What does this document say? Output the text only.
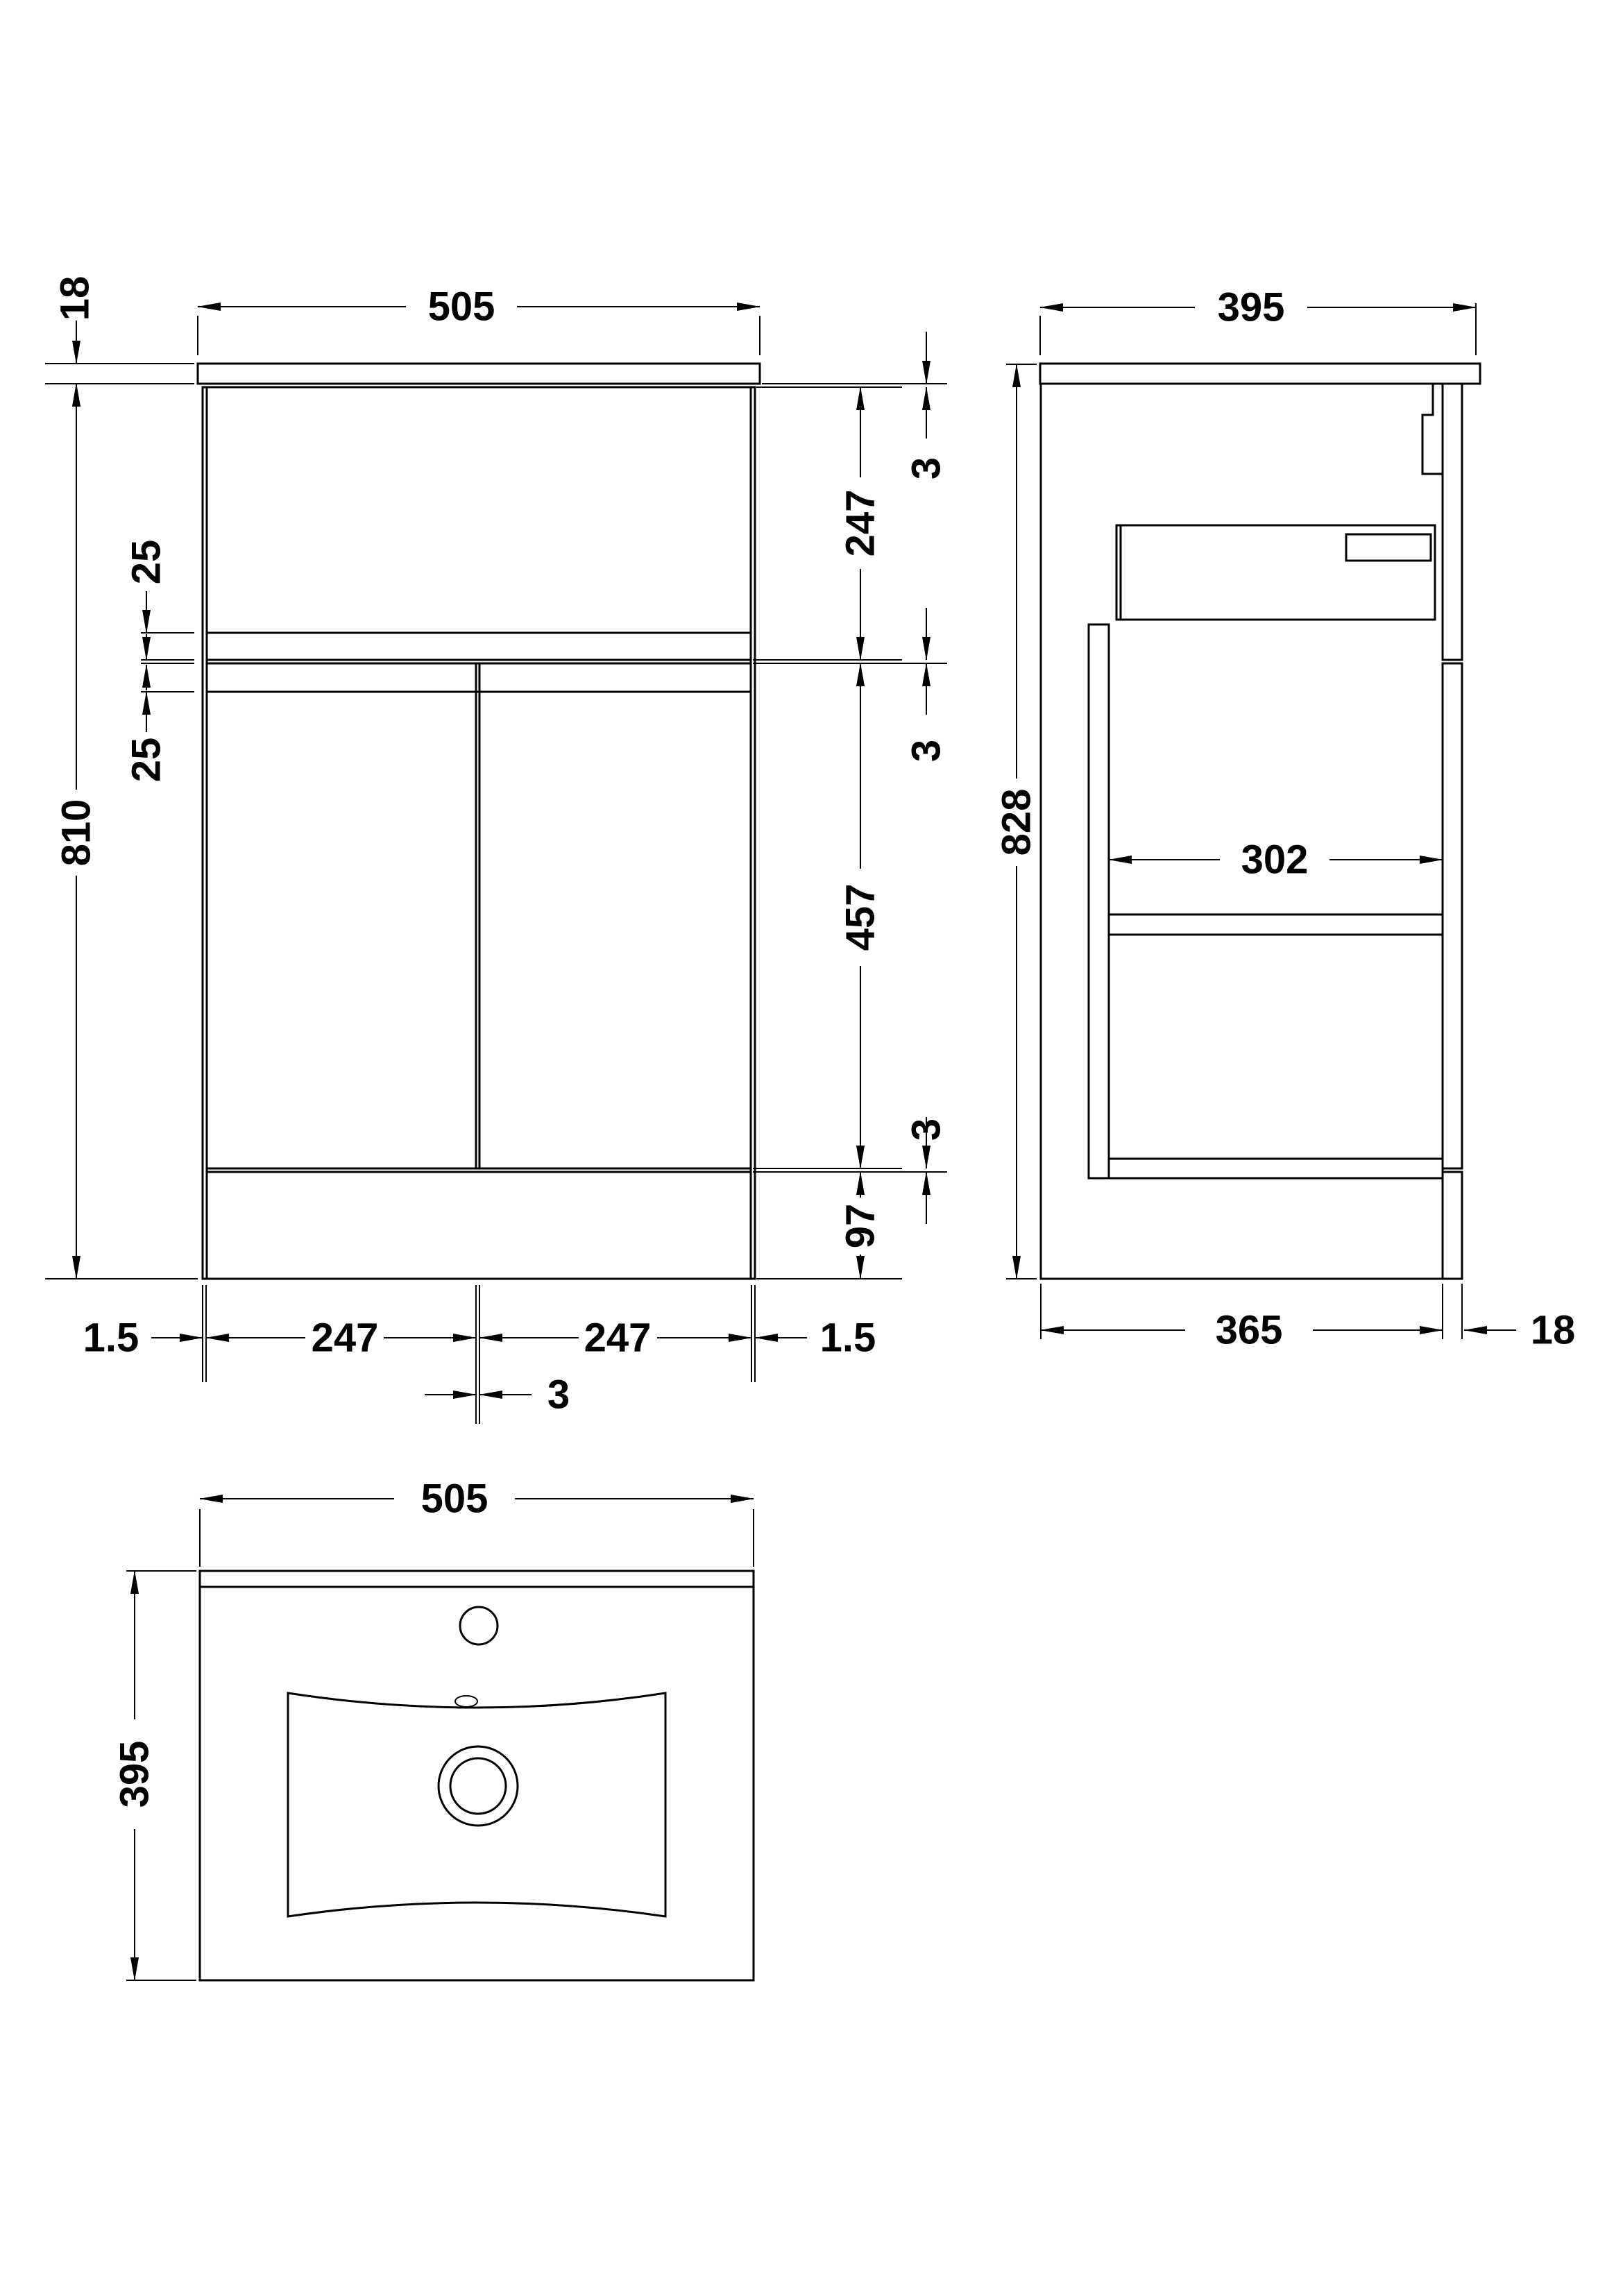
505
18
810
25
25
247
457
97
3
3
3
1.5	247	247	1.5
3
395
828
302
365	18
505
395
